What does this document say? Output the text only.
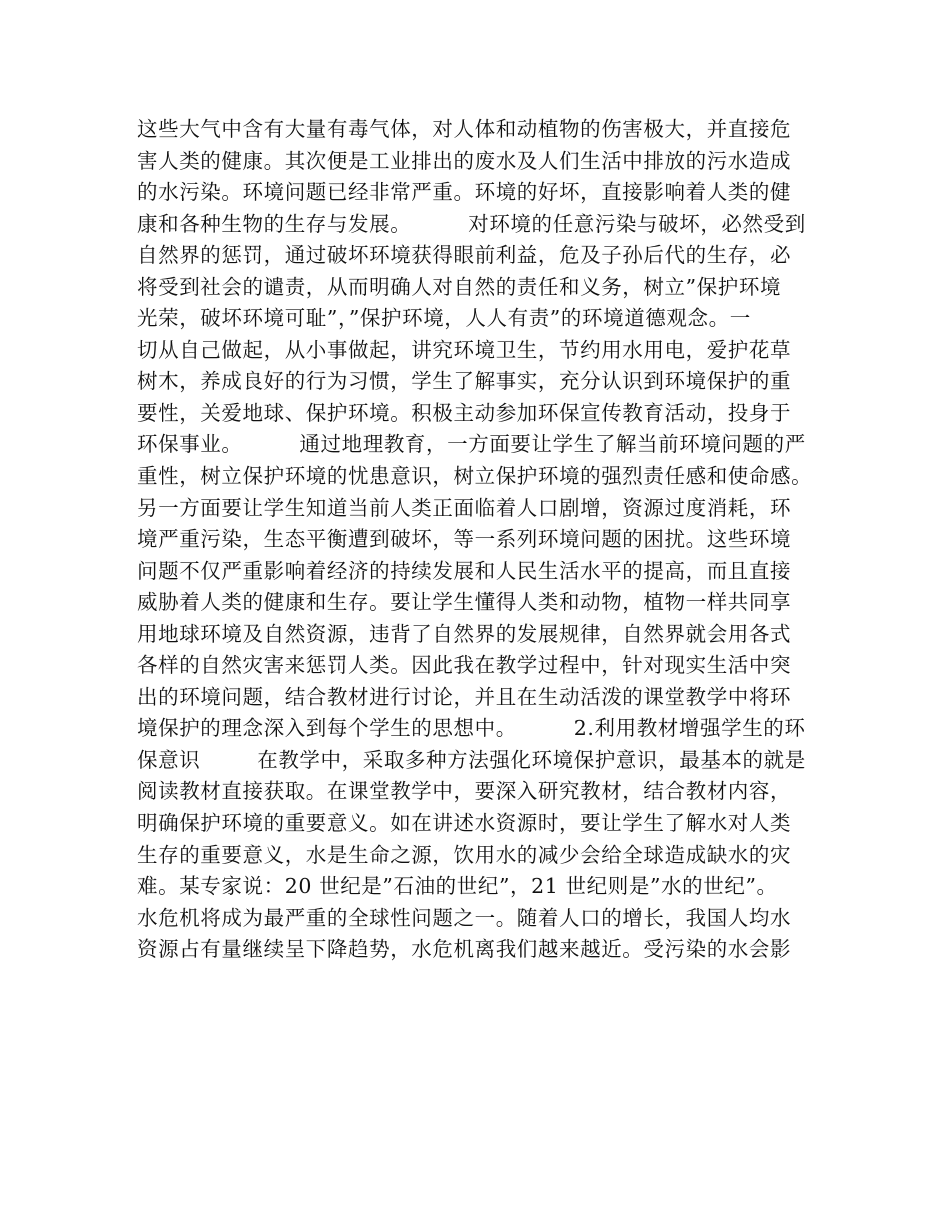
这些大气中含有大量有毒气体，对人体和动植物的伤害极大，并直接危
害人类的健康。其次便是工业排出的废水及人们生活中排放的污水造成
的水污染。环境问题已经非常严重。环境的好坏，直接影响着人类的健
康和各种生物的生存与发展。        对环境的任意污染与破坏，必然受到
自然界的惩罚，通过破坏环境获得眼前利益，危及子孙后代的生存，必
将受到社会的谴责，从而明确人对自然的责任和义务，树立”保护环境
光荣，破坏环境可耻”，”保护环境，人人有责”的环境道德观念。一
切从自己做起，从小事做起，讲究环境卫生，节约用水用电，爱护花草
树木，养成良好的行为习惯，学生了解事实，充分认识到环境保护的重
要性，关爱地球、保护环境。积极主动参加环保宣传教育活动，投身于
环保事业。        通过地理教育，一方面要让学生了解当前环境问题的严
重性，树立保护环境的忧患意识，树立保护环境的强烈责任感和使命感。
另一方面要让学生知道当前人类正面临着人口剧增，资源过度消耗，环
境严重污染，生态平衡遭到破坏，等一系列环境问题的困扰。这些环境
问题不仅严重影响着经济的持续发展和人民生活水平的提高，而且直接
威胁着人类的健康和生存。要让学生懂得人类和动物，植物一样共同享
用地球环境及自然资源，违背了自然界的发展规律，自然界就会用各式
各样的自然灾害来惩罚人类。因此我在教学过程中，针对现实生活中突
出的环境问题，结合教材进行讨论，并且在生动活泼的课堂教学中将环
境保护的理念深入到每个学生的思想中。        2.利用教材增强学生的环
保意识        在教学中，采取多种方法强化环境保护意识，最基本的就是
阅读教材直接获取。在课堂教学中，要深入研究教材，结合教材内容，
明确保护环境的重要意义。如在讲述水资源时，要让学生了解水对人类
生存的重要意义，水是生命之源，饮用水的减少会给全球造成缺水的灾
难。某专家说：20 世纪是”石油的世纪”，21 世纪则是”水的世纪”。
水危机将成为最严重的全球性问题之一。随着人口的增长，我国人均水
资源占有量继续呈下降趋势，水危机离我们越来越近。受污染的水会影
